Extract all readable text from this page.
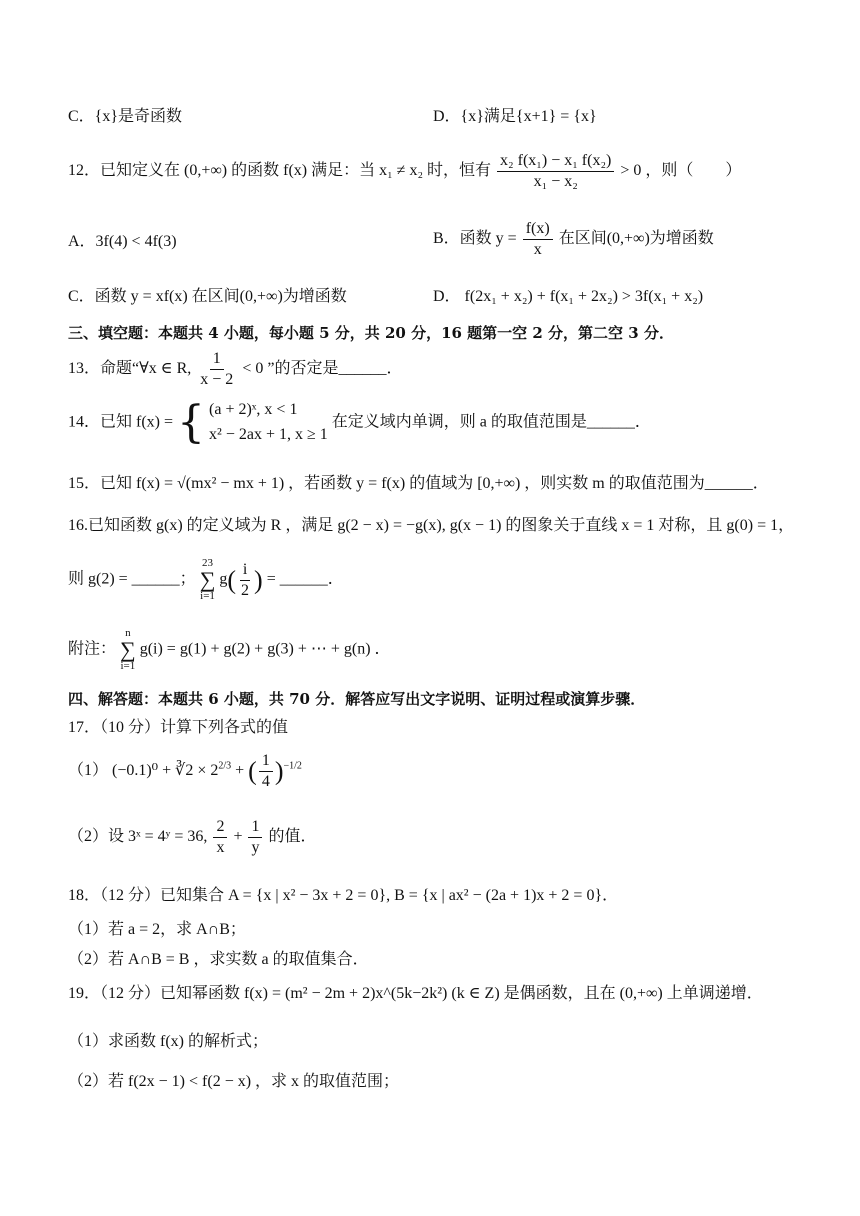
C．{x}是奇函数	D．{x}满足{x+1} = {x}
12．已知定义在 (0,+∞) 的函数 f(x) 满足：当 x₁ ≠ x₂ 时，恒有 $\frac{\text{x₂ f(x₁) − x₁ f(x₂)}}{\text{x₁ − x₂}} > 0$ ，则（　　）
A．3f(4) < 4f(3)	B．函数 $y = \frac{f(x)}{x}$ 在区间(0,+∞)为增函数
C．函数 y = xf(x) 在区间(0,+∞)为增函数	D． f(2x₁ + x₂) + f(x₁ + 2x₂) > 3f(x₁ + x₂)
三、填空题：本题共 4 小题，每小题 5 分，共 20 分，16 题第一空 2 分，第二空 3 分．
13．命题“∀x ∈ R, $\frac{1}{x - 2} < 0$ ”的否定是______．
14．已知 f(x) = { (a + 2)ˣ, x < 1
x² − 2ax + 1, x ≥ 1
在定义域内单调，则 a 的取值范围是______．
15．已知 f(x) = √(mx² − mx + 1) ，若函数 y = f(x) 的值域为 [0,+∞) ，则实数 m 的取值范围为______．
16.已知函数 g(x) 的定义域为 R ，满足 g(2 − x) = −g(x), g(x − 1) 的图象关于直线 x = 1 对称，且 g(0) = 1，
则 g(2) = ______；
23
∑
i=1
$g( \frac{i}{2}$ ) = ______．
附注：
n
∑
i=1
g(i) = g(1) + g(2) + g(3) + ⋯ + g(n) ．
四、解答题：本题共 6 小题，共 70 分．解答应写出文字说明、证明过程或演算步骤．
17．（10 分）计算下列各式的值
（1） (−0.1)⁰ + ∛2 × $2^{2/3}$ + ( $\frac{1}{4} )^{-1/2}$
（2）设 3ˣ = 4ʸ = 36, $\frac{2}{x} + \frac{1}{y}$ 的值．
18．（12 分）已知集合 A = {x | x² − 3x + 2 = 0}, B = {x | ax² − (2a + 1)x + 2 = 0}．
（1）若 a = 2，求 A∩B；
（2）若 A∩B = B ，求实数 a 的取值集合．
19．（12 分）已知幂函数 f(x) = (m² − 2m + 2)x^(5k−2k²) (k ∈ Z) 是偶函数，且在 (0,+∞) 上单调递增．
（1）求函数 f(x) 的解析式；
（2）若 f(2x − 1) < f(2 − x) ，求 x 的取值范围；
